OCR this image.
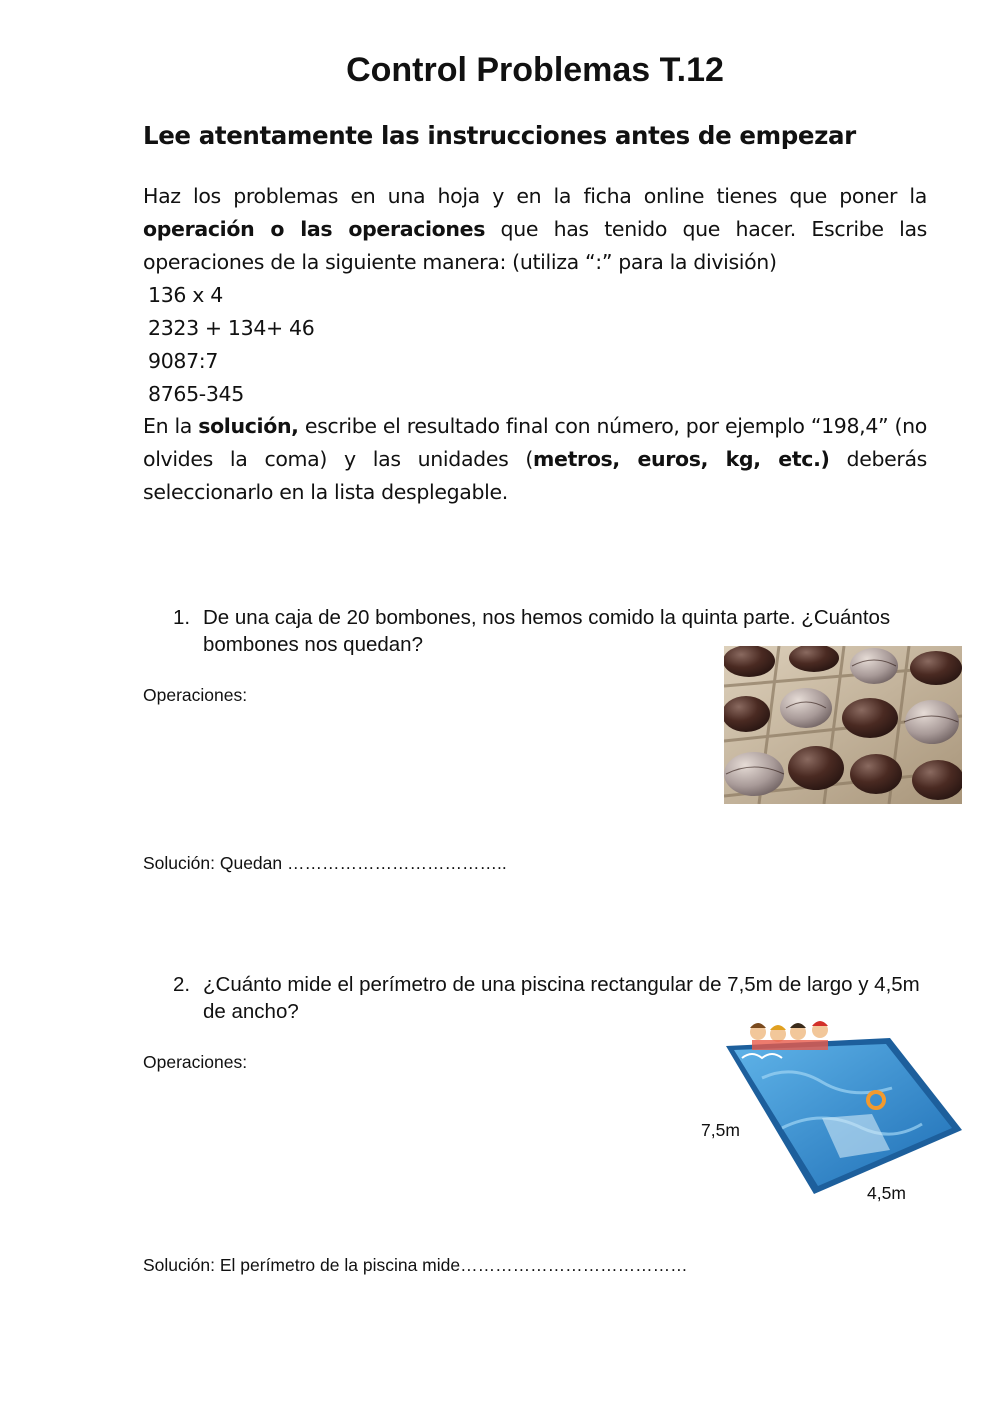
Control Problemas T.12
Lee atentamente las instrucciones antes de empezar
Haz los problemas en una hoja y en la ficha online tienes que poner la operación o las operaciones que has tenido que hacer. Escribe las operaciones de la siguiente manera: (utiliza “:” para la división)
136 x 4
2323 + 134+ 46
9087:7
8765-345
En la solución, escribe el resultado final con número, por ejemplo “198,4” (no olvides la coma) y las unidades (metros, euros, kg, etc.) deberás seleccionarlo en la lista desplegable.
1. De una caja de 20 bombones, nos hemos comido la quinta parte. ¿Cuántos bombones nos quedan?
Operaciones:
Solución: Quedan ………………………………..
2. ¿Cuánto mide el perímetro de una piscina rectangular de 7,5m de largo y 4,5m de ancho?
Operaciones:
7,5m
4,5m
Solución: El perímetro de la piscina mide…………………………………
